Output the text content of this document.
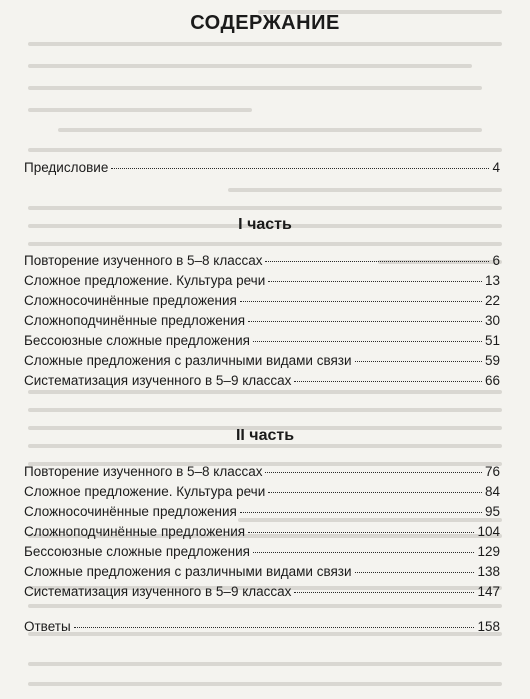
СОДЕРЖАНИЕ
Предисловие	4
I часть
Повторение изученного в 5–8 классах	6
Сложное предложение. Культура речи	13
Сложносочинённые предложения	22
Сложноподчинённые предложения	30
Бессоюзные сложные предложения	51
Сложные предложения с различными видами связи	59
Систематизация изученного в 5–9 классах	66
II часть
Повторение изученного в 5–8 классах	76
Сложное предложение. Культура речи	84
Сложносочинённые предложения	95
Сложноподчинённые предложения	104
Бессоюзные сложные предложения	129
Сложные предложения с различными видами связи	138
Систематизация изученного в 5–9 классах	147
Ответы	158
